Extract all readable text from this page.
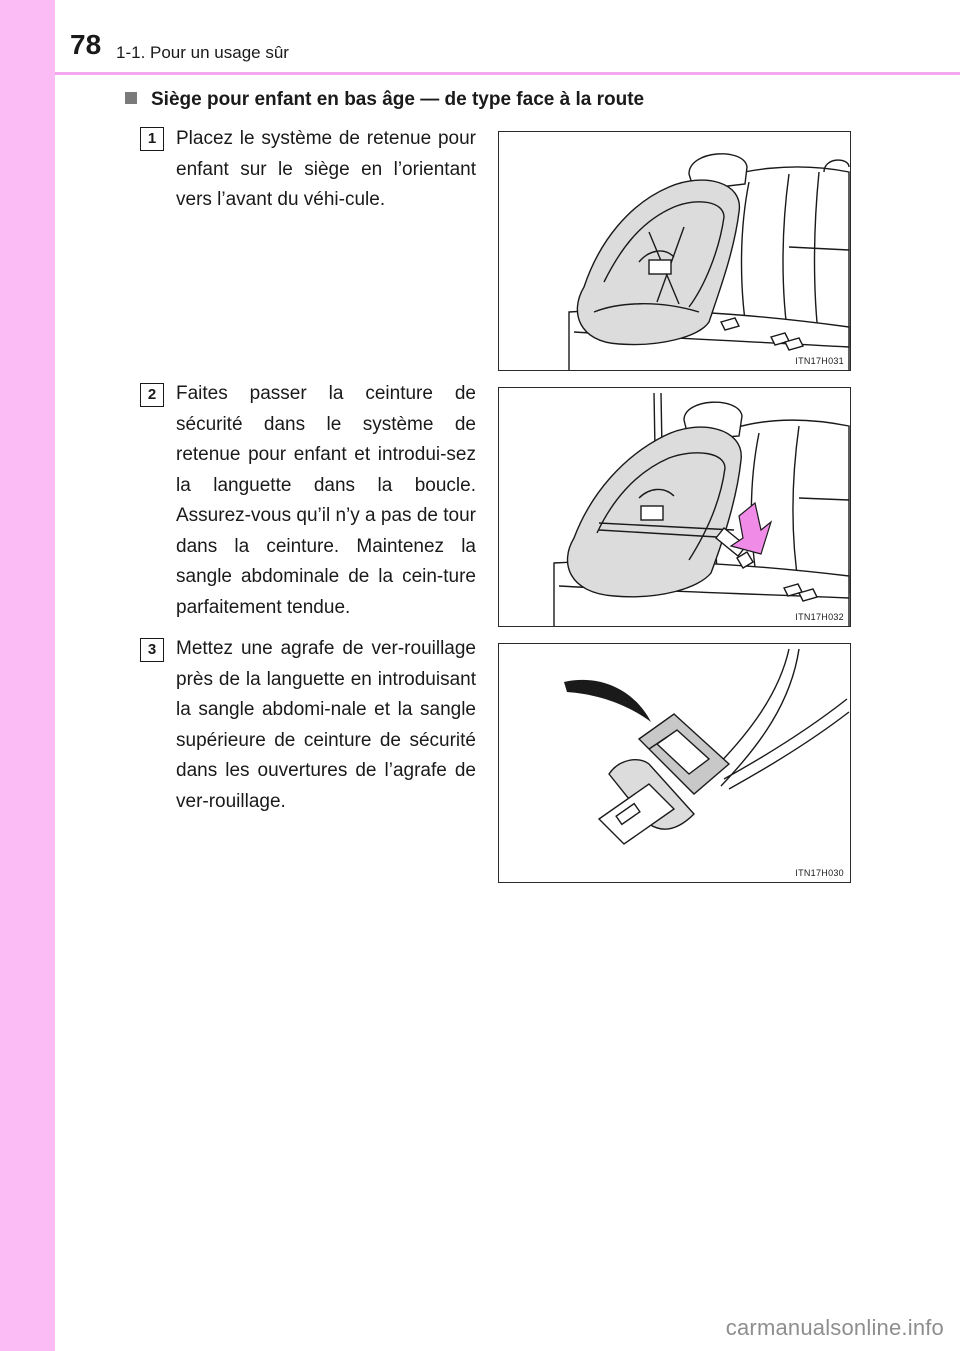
78 1-1. Pour un usage sûr
Siège pour enfant en bas âge — de type face à la route
1	Placez le système de retenue pour enfant sur le siège en l’orientant vers l’avant du véhi-cule.
ITN17H031
2	Faites passer la ceinture de sécurité dans le système de retenue pour enfant et introdui-sez la languette dans la boucle. Assurez-vous qu’il n’y a pas de tour dans la ceinture. Maintenez la sangle abdominale de la cein-ture parfaitement tendue.	ITN17H032
3	Mettez une agrafe de ver-rouillage près de la languette en introduisant la sangle abdomi-nale et la sangle supérieure de ceinture de sécurité dans les ouvertures de l’agrafe de ver-rouillage.
ITN17H030
carmanualsonline.info
